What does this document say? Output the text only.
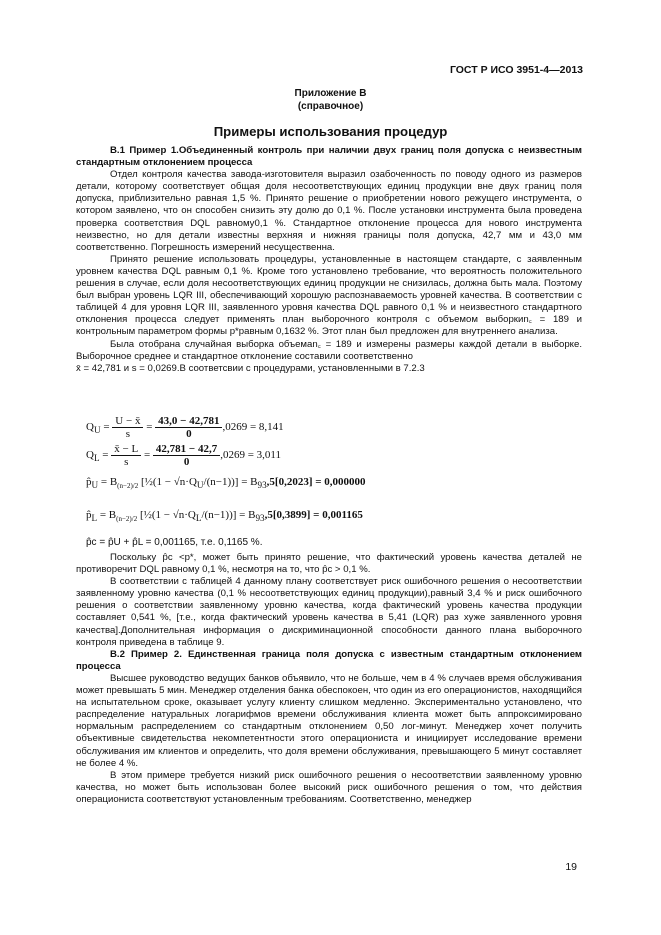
ГОСТ Р ИСО 3951-4—2013
Приложение В
(справочное)
Примеры использования процедур

В.1 Пример 1.Объединенный контроль при наличии двух границ поля допуска с неизвестным стандартным отклонением процесса

Отдел контроля качества завода-изготовителя выразил озабоченность по поводу одного из размеров детали, которому соответствует общая доля несоответствующих единиц продукции вне двух границ поля допуска, приблизительно равная 1,5 %. Принято решение о приобретении нового режущего инструмента, о котором заявлено, что он способен снизить эту долю до 0,1 %. После установки инструмента была проведена проверка соответствия DQL равному0,1 %. Стандартное отклонение процесса для нового инструмента неизвестно, но для детали известны верхняя и нижняя границы поля допуска, 42,7 мм и 43,0 мм соответственно. Погрешность измерений несущественна.

Принято решение использовать процедуры, установленные в настоящем стандарте, с заявленным уровнем качества DQL равным 0,1 %. Кроме того установлено требование, что вероятность положительного решения в случае, если доля несоответствующих единиц продукции не снизилась, должна быть мала. Поэтому был выбран уровень LQR III, обеспечивающий хорошую распознаваемость уровней качества. В соответствии с таблицей 4 для уровня LQR III, заявленного уровня качества DQL равного 0,1 % и неизвестного стандартного отклонения процесса следует применять план выборочного контроля с объемом выборкиn꜀ = 189 и контрольным параметром формы p*равным 0,1632 %. Этот план был предложен для внутреннего анализа.

Была отобрана случайная выборка объемаn꜀ = 189 и измерены размеры каждой детали в выборке. Выборочное среднее и стандартное отклонение составили соответственно

x̄ = 42,781 и s = 0,0269.В соответсвии с процедурами, установленными в 7.2.3

$Q_U = \frac{U - x̄}{s} = \frac{43,0 - 42,781}{0} ,0269 = 8,141$
$Q_L = \frac{x̄ - L}{s} = \frac{42,781 - 42,7}{0} ,0269 = 3,011$
$p̂_U = B_{(n-2)/2}$ [½(1 − $√n\cdot Q_U/(n-1))] = B_{93},5[0,2023] = 0,000000$
$p̂_L = B_{(n-2)/2}$ [½(1 − $√n\cdot Q_L/(n-1))] = B_{93},5[0,3899] = 0,001165$
p̂c = p̂U + p̂L = 0,001165, т.е. 0,1165 %.

Поскольку p̂c <p*, может быть принято решение, что фактический уровень качества деталей не противоречит DQL равному 0,1 %, несмотря на то, что p̂c > 0,1 %.

В соответствии с таблицей 4 данному плану соответствует риск ошибочного решения о несоответствии заявленному уровню качества (0,1 % несоответствующих единиц продукции),равный 3,4 % и риск ошибочного решения о соответствии заявленному уровню качества, когда фактический уровень качества продукции составляет 0,541 %, [т.е., когда фактический уровень качества в 5,41 (LQR) раз хуже заявленного уровня качества].Дополнительная информация о дискриминационной способности данного плана выборочного контроля приведена в таблице 9.

В.2 Пример 2. Единственная граница поля допуска с известным стандартным отклонением процесса

Высшее руководство ведущих банков объявило, что не больше, чем в 4 % случаев время обслуживания может превышать 5 мин. Менеджер отделения банка обеспокоен, что один из его операционистов, находящийся на испытательном сроке, оказывает услугу клиенту слишком медленно. Экспериментально установлено, что распределение натуральных логарифмов времени обслуживания клиента может быть аппроксимировано нормальным распределением со стандартным отклонением 0,50 лог-минут. Менеджер хочет получить объективные свидетельства некомпетентности этого операциониста и инициирует исследование времени обслуживания им клиентов и определить, что доля времени обслуживания, превышающего 5 минут составляет не более 4 %.

В этом примере требуется низкий риск ошибочного решения о несоответствии заявленному уровню качества, но может быть использован более высокий риск ошибочного решения о том, что действия операциониста соответствуют установленным требованиям. Соответственно, менеджер

19
